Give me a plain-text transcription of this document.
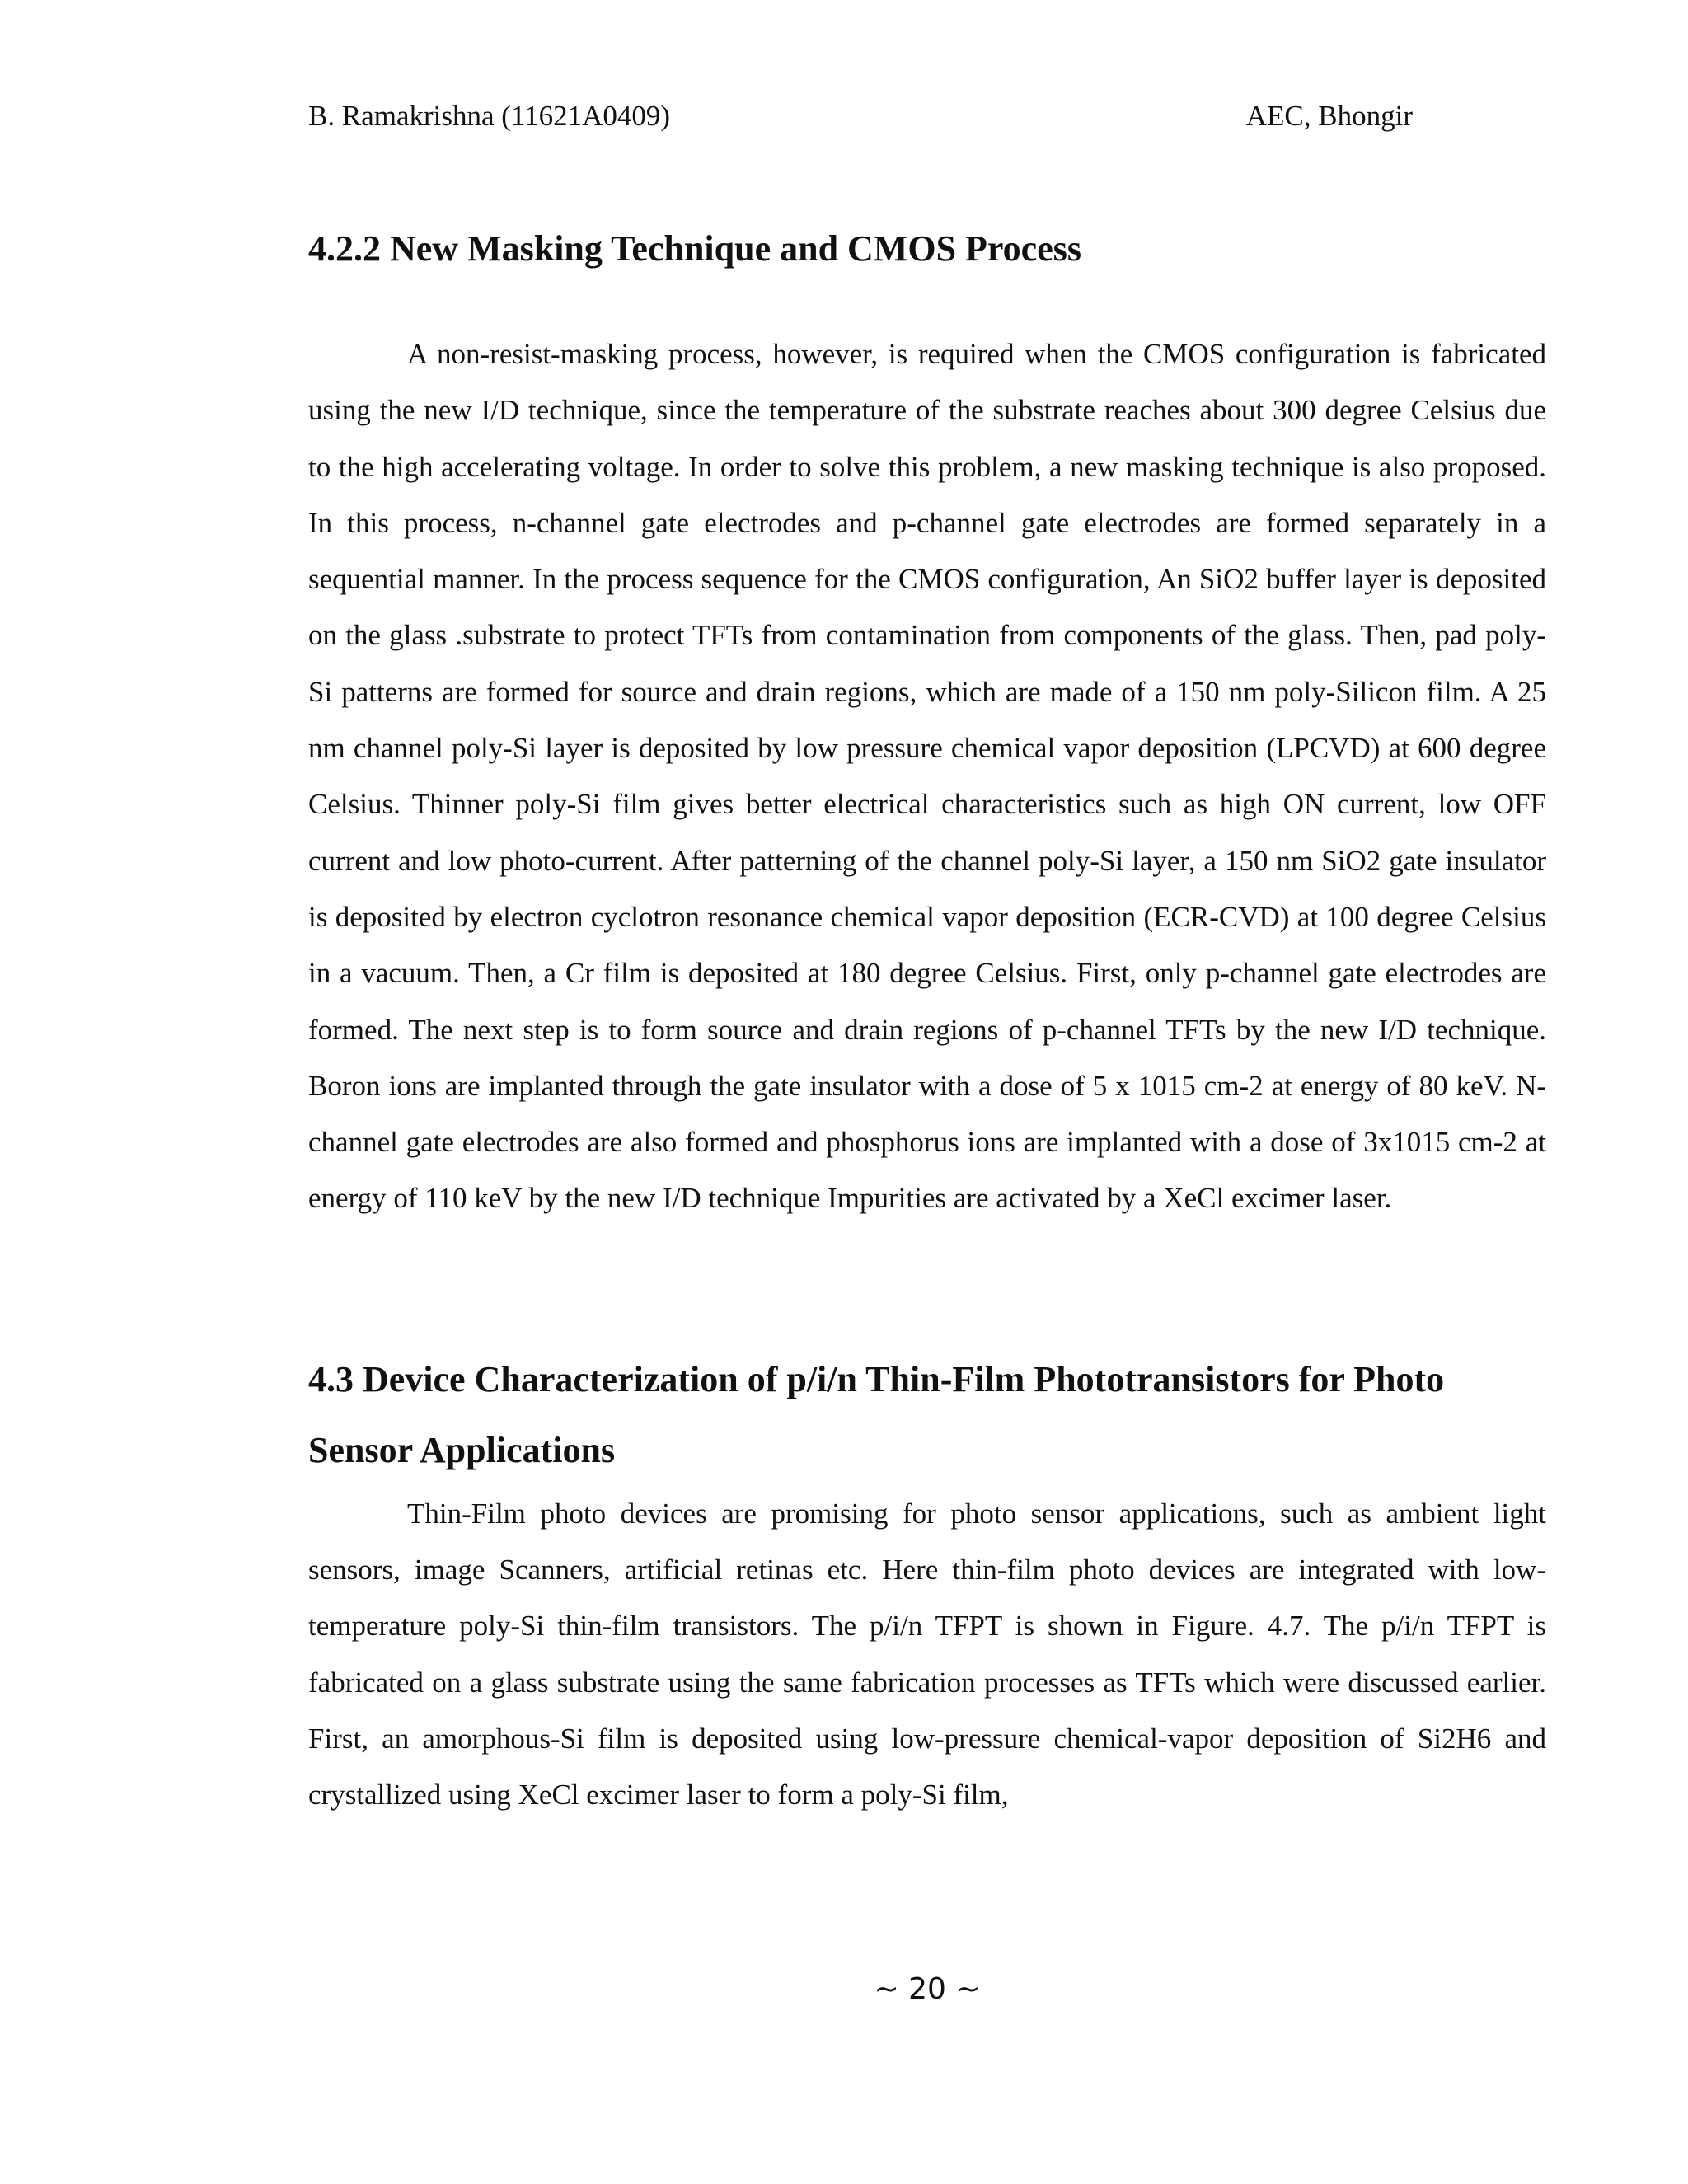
B. Ramakrishna (11621A0409)	AEC, Bhongir
4.2.2 New Masking Technique and CMOS Process

A non-resist-masking process, however, is required when the CMOS configuration is fabricated using the new I/D technique, since the temperature of the substrate reaches about 300 degree Celsius due to the high accelerating voltage. In order to solve this problem, a new masking technique is also proposed. In this process, n-channel gate electrodes and p-channel gate electrodes are formed separately in a sequential manner. In the process sequence for the CMOS configuration, An SiO2 buffer layer is deposited on the glass .substrate to protect TFTs from contamination from components of the glass. Then, pad poly-Si patterns are formed for source and drain regions, which are made of a 150 nm poly-Silicon film. A 25 nm channel poly-Si layer is deposited by low pressure chemical vapor deposition (LPCVD) at 600 degree Celsius. Thinner poly-Si film gives better electrical characteristics such as high ON current, low OFF current and low photo-current. After patterning of the channel poly-Si layer, a 150 nm SiO2 gate insulator is deposited by electron cyclotron resonance chemical vapor deposition (ECR-CVD) at 100 degree Celsius in a vacuum. Then, a Cr film is deposited at 180 degree Celsius. First, only p-channel gate electrodes are formed. The next step is to form source and drain regions of p-channel TFTs by the new I/D technique. Boron ions are implanted through the gate insulator with a dose of 5 x 1015 cm-2 at energy of 80 keV. N-channel gate electrodes are also formed and phosphorus ions are implanted with a dose of 3x1015 cm-2 at energy of 110 keV by the new I/D technique Impurities are activated by a XeCl excimer laser.

4.3 Device Characterization of p/i/n Thin-Film Phototransistors for Photo Sensor Applications

Thin-Film photo devices are promising for photo sensor applications, such as ambient light sensors, image Scanners, artificial retinas etc. Here thin-film photo devices are integrated with low-temperature poly-Si thin-film transistors. The p/i/n TFPT is shown in Figure. 4.7. The p/i/n TFPT is fabricated on a glass substrate using the same fabrication processes as TFTs which were discussed earlier. First, an amorphous-Si film is deposited using low-pressure chemical-vapor deposition of Si2H6 and crystallized using XeCl excimer laser to form a poly-Si film,

~ 20 ~
